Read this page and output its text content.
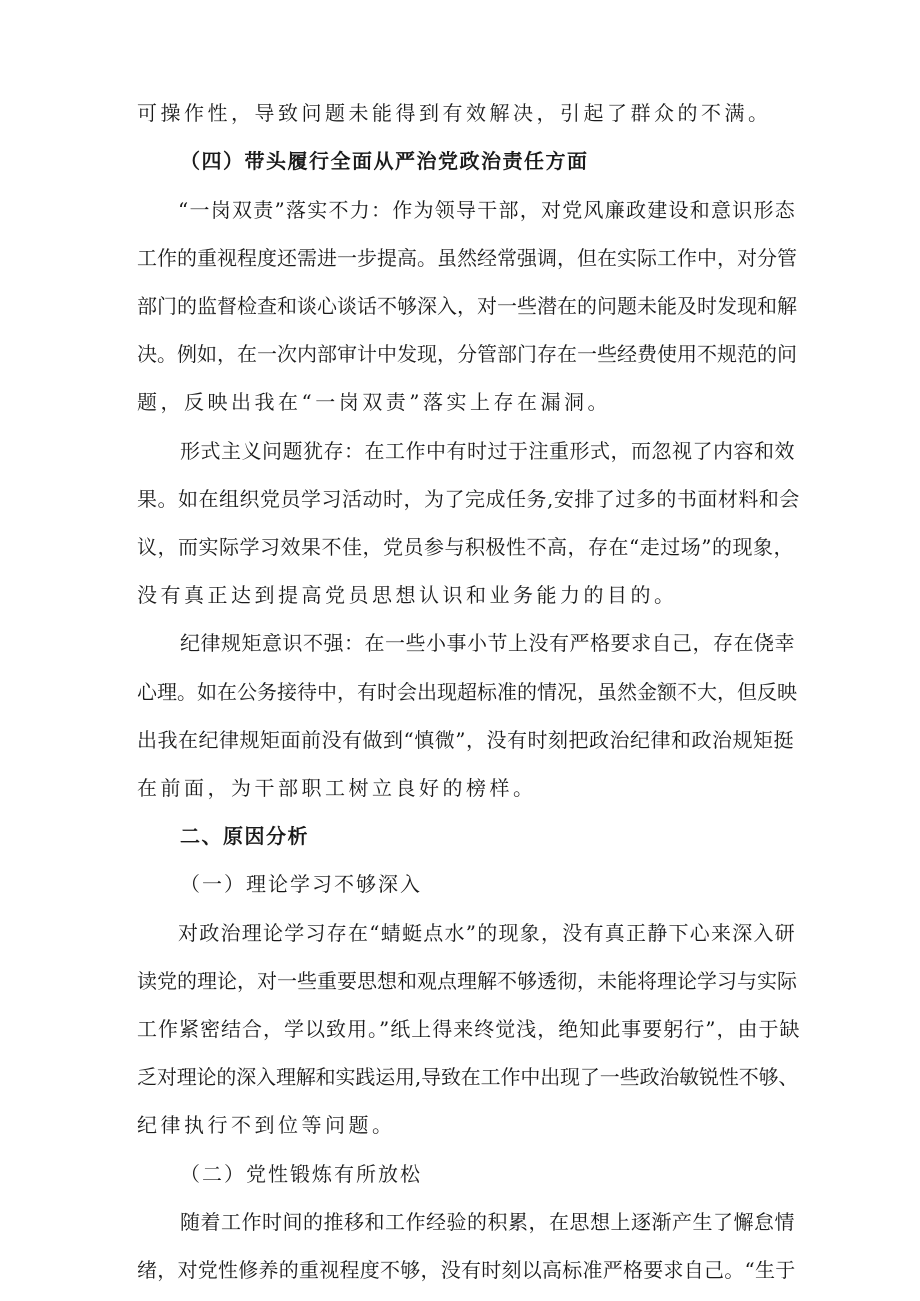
可操作性，导致问题未能得到有效解决，引起了群众的不满。
（四）带头履行全面从严治党政治责任方面
“一岗双责”落实不力：作为领导干部，对党风廉政建设和意识形态
工作的重视程度还需进一步提高。虽然经常强调，但在实际工作中，对分管
部门的监督检查和谈心谈话不够深入，对一些潜在的问题未能及时发现和解
决。例如，在一次内部审计中发现，分管部门存在一些经费使用不规范的问
题，反映出我在“一岗双责”落实上存在漏洞。
形式主义问题犹存：在工作中有时过于注重形式，而忽视了内容和效
果。如在组织党员学习活动时，为了完成任务,安排了过多的书面材料和会
议，而实际学习效果不佳，党员参与积极性不高，存在“走过场”的现象，
没有真正达到提高党员思想认识和业务能力的目的。
纪律规矩意识不强：在一些小事小节上没有严格要求自己，存在侥幸
心理。如在公务接待中，有时会出现超标准的情况，虽然金额不大，但反映
出我在纪律规矩面前没有做到“慎微”，没有时刻把政治纪律和政治规矩挺
在前面，为干部职工树立良好的榜样。
二、原因分析
（一）理论学习不够深入
对政治理论学习存在“蜻蜓点水”的现象，没有真正静下心来深入研
读党的理论，对一些重要思想和观点理解不够透彻，未能将理论学习与实际
工作紧密结合，学以致用。”纸上得来终觉浅，绝知此事要躬行”，由于缺
乏对理论的深入理解和实践运用,导致在工作中出现了一些政治敏锐性不够、
纪律执行不到位等问题。
（二）党性锻炼有所放松
随着工作时间的推移和工作经验的积累，在思想上逐渐产生了懈怠情
绪，对党性修养的重视程度不够，没有时刻以高标准严格要求自己。“生于
